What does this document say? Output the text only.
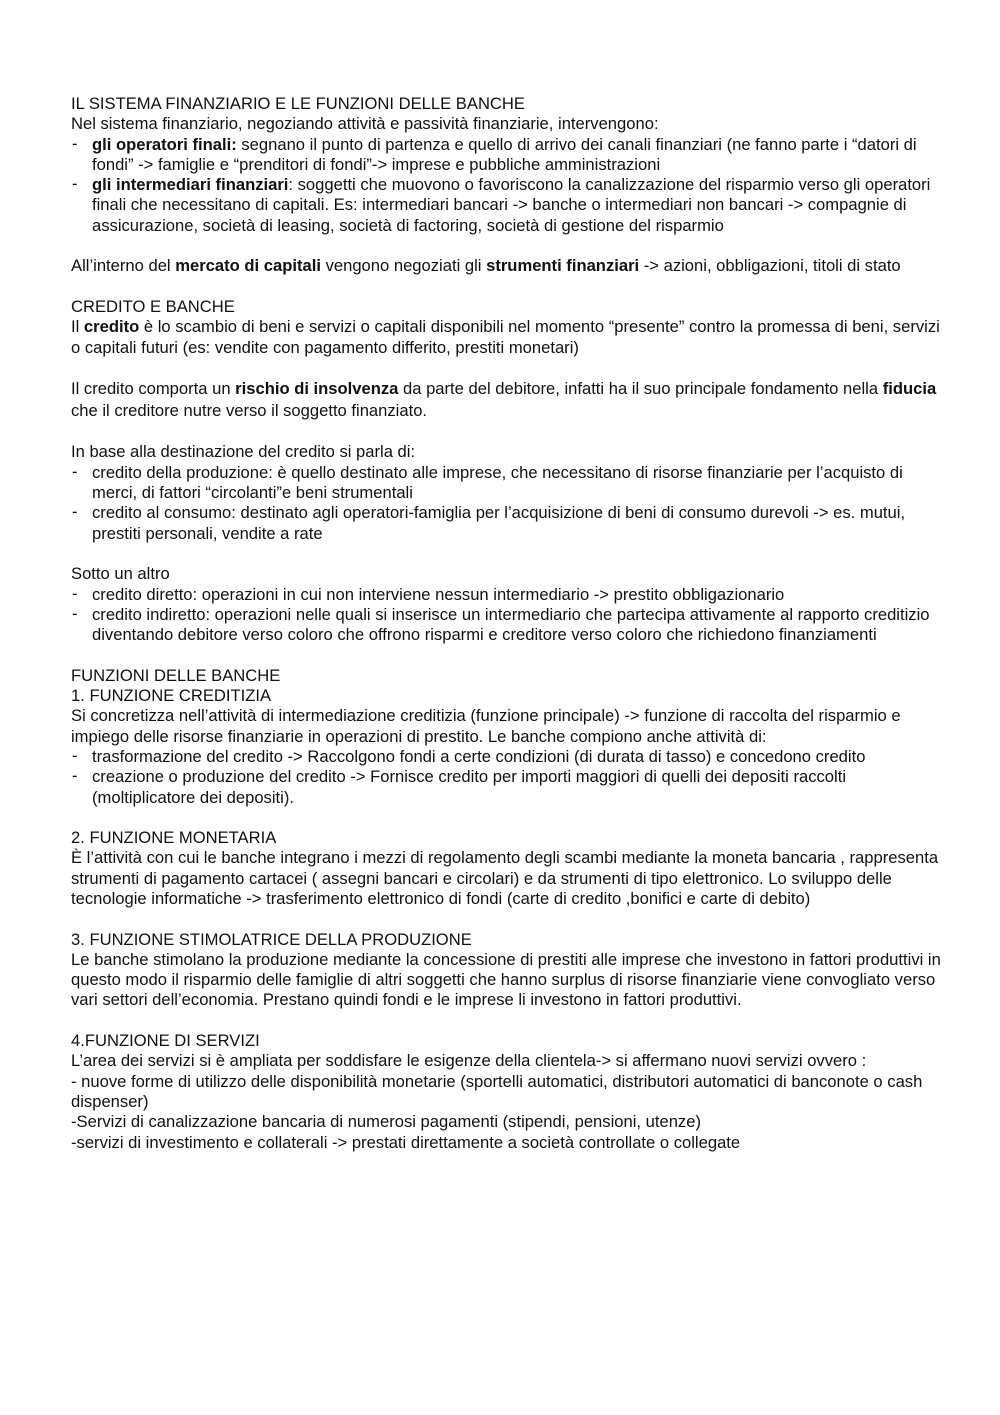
IL SISTEMA FINANZIARIO E LE FUNZIONI DELLE BANCHE

Nel sistema finanziario, negoziando attività e passività finanziarie, intervengono:

- gli operatori finali: segnano il punto di partenza e quello di arrivo dei canali finanziari (ne fanno parte i “datori di fondi” -> famiglie e “prenditori di fondi”-> imprese e pubbliche amministrazioni
- gli intermediari finanziari: soggetti che muovono o favoriscono la canalizzazione del risparmio verso gli operatori finali che necessitano di capitali. Es: intermediari bancari -> banche o intermediari non bancari -> compagnie di assicurazione, società di leasing, società di factoring, società di gestione del risparmio

All’interno del mercato di capitali vengono negoziati gli strumenti finanziari -> azioni, obbligazioni, titoli di stato

CREDITO E BANCHE

Il credito è lo scambio di beni e servizi o capitali disponibili nel momento “presente” contro la promessa di beni, servizi o capitali futuri (es: vendite con pagamento differito, prestiti monetari)

Il credito comporta un rischio di insolvenza da parte del debitore, infatti ha il suo principale fondamento nella fiducia che il creditore nutre verso il soggetto finanziato.

In base alla destinazione del credito si parla di:

- credito della produzione: è quello destinato alle imprese, che necessitano di risorse finanziarie per l’acquisto di merci, di fattori “circolanti”e beni strumentali
- credito al consumo: destinato agli operatori-famiglia per l’acquisizione di beni di consumo durevoli -> es. mutui, prestiti personali, vendite a rate

Sotto un altro

- credito diretto: operazioni in cui non interviene nessun intermediario -> prestito obbligazionario
- credito indiretto: operazioni nelle quali si inserisce un intermediario che partecipa attivamente al rapporto creditizio diventando debitore verso coloro che offrono risparmi e creditore verso coloro che richiedono finanziamenti

FUNZIONI DELLE BANCHE

1. FUNZIONE CREDITIZIA

Si concretizza nell’attività di intermediazione creditizia (funzione principale) -> funzione di raccolta del risparmio e impiego delle risorse finanziarie in operazioni di prestito. Le banche compiono anche attività di:

- trasformazione del credito -> Raccolgono fondi a certe condizioni (di durata di tasso) e concedono credito
- creazione o produzione del credito -> Fornisce credito per importi maggiori di quelli dei depositi raccolti (moltiplicatore dei depositi).

2. FUNZIONE MONETARIA

È l’attività con cui le banche integrano i mezzi di regolamento degli scambi mediante la moneta bancaria , rappresenta strumenti di pagamento cartacei ( assegni bancari e circolari) e da strumenti di tipo elettronico. Lo sviluppo delle tecnologie informatiche -> trasferimento elettronico di fondi (carte di credito ,bonifici e carte di debito)

3. FUNZIONE STIMOLATRICE DELLA PRODUZIONE

Le banche stimolano la produzione mediante la concessione di prestiti alle imprese che investono in fattori produttivi in questo modo il risparmio delle famiglie di altri soggetti che hanno surplus di risorse finanziarie viene convogliato verso vari settori dell’economia. Prestano quindi fondi e le imprese li investono in fattori produttivi.

4.FUNZIONE DI SERVIZI

L’area dei servizi si è ampliata per soddisfare le esigenze della clientela-> si affermano nuovi servizi ovvero :

- nuove forme di utilizzo delle disponibilità monetarie (sportelli automatici, distributori automatici di banconote o cash dispenser)

-Servizi di canalizzazione bancaria di numerosi pagamenti (stipendi, pensioni, utenze)

-servizi di investimento e collaterali -> prestati direttamente a società controllate o collegate
